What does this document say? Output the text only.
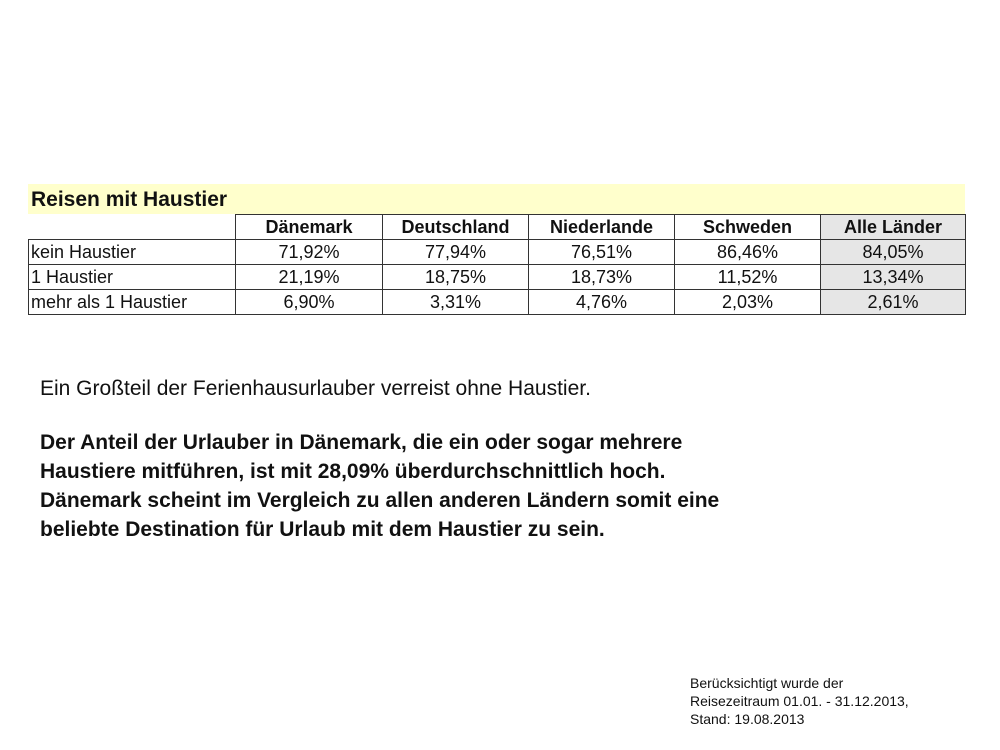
Reisen mit Haustier
	Dänemark	Deutschland	Niederlande	Schweden	Alle Länder
kein Haustier	71,92%	77,94%	76,51%	86,46%	84,05%
1 Haustier	21,19%	18,75%	18,73%	11,52%	13,34%
mehr als 1 Haustier	6,90%	3,31%	4,76%	2,03%	2,61%

Ein Großteil der Ferienhausurlauber verreist ohne Haustier.

Der Anteil der Urlauber in Dänemark, die ein oder sogar mehrere
Haustiere mitführen, ist mit 28,09% überdurchschnittlich hoch.
Dänemark scheint im Vergleich zu allen anderen Ländern somit eine
beliebte Destination für Urlaub mit dem Haustier zu sein.

Berücksichtigt wurde der
Reisezeitraum 01.01. - 31.12.2013,
Stand: 19.08.2013
